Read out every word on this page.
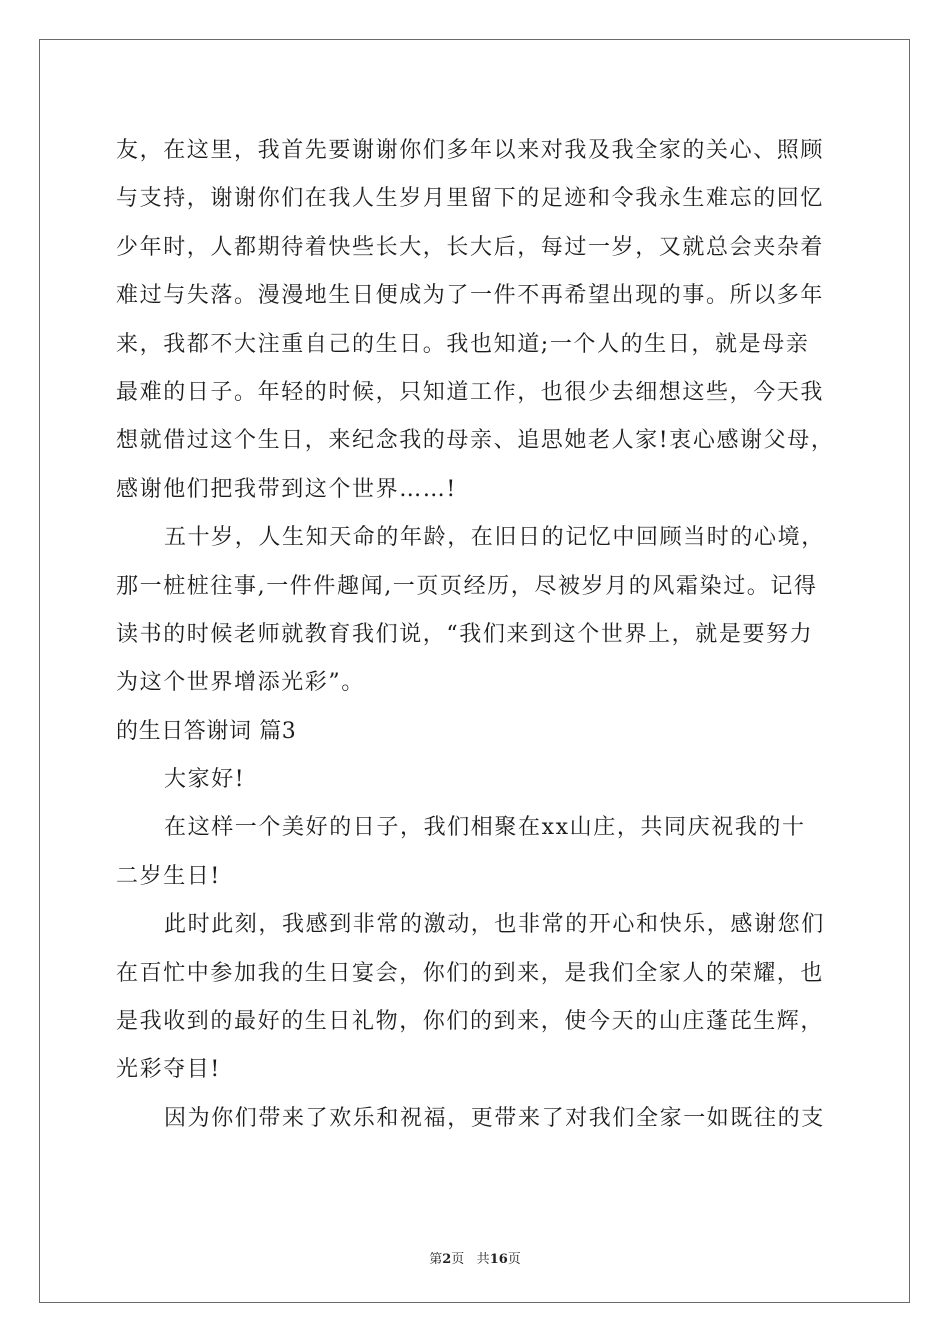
友，在这里，我首先要谢谢你们多年以来对我及我全家的关心、照顾
与支持，谢谢你们在我人生岁月里留下的足迹和令我永生难忘的回忆
少年时，人都期待着快些长大，长大后，每过一岁，又就总会夹杂着
难过与失落。漫漫地生日便成为了一件不再希望出现的事。所以多年
来，我都不大注重自己的生日。我也知道;一个人的生日，就是母亲
最难的日子。年轻的时候，只知道工作，也很少去细想这些，今天我
想就借过这个生日，来纪念我的母亲、追思她老人家!衷心感谢父母，
感谢他们把我带到这个世界……!
五十岁，人生知天命的年龄，在旧日的记忆中回顾当时的心境，
那一桩桩往事,一件件趣闻,一页页经历，尽被岁月的风霜染过。记得
读书的时候老师就教育我们说，“我们来到这个世界上，就是要努力
为这个世界增添光彩”。
的生日答谢词 篇3
大家好!
在这样一个美好的日子，我们相聚在xx山庄，共同庆祝我的十
二岁生日!
此时此刻，我感到非常的激动，也非常的开心和快乐，感谢您们
在百忙中参加我的生日宴会，你们的到来，是我们全家人的荣耀，也
是我收到的最好的生日礼物，你们的到来，使今天的山庄蓬芘生辉，
光彩夺目!
因为你们带来了欢乐和祝福，更带来了对我们全家一如既往的支
第2页 共16页
